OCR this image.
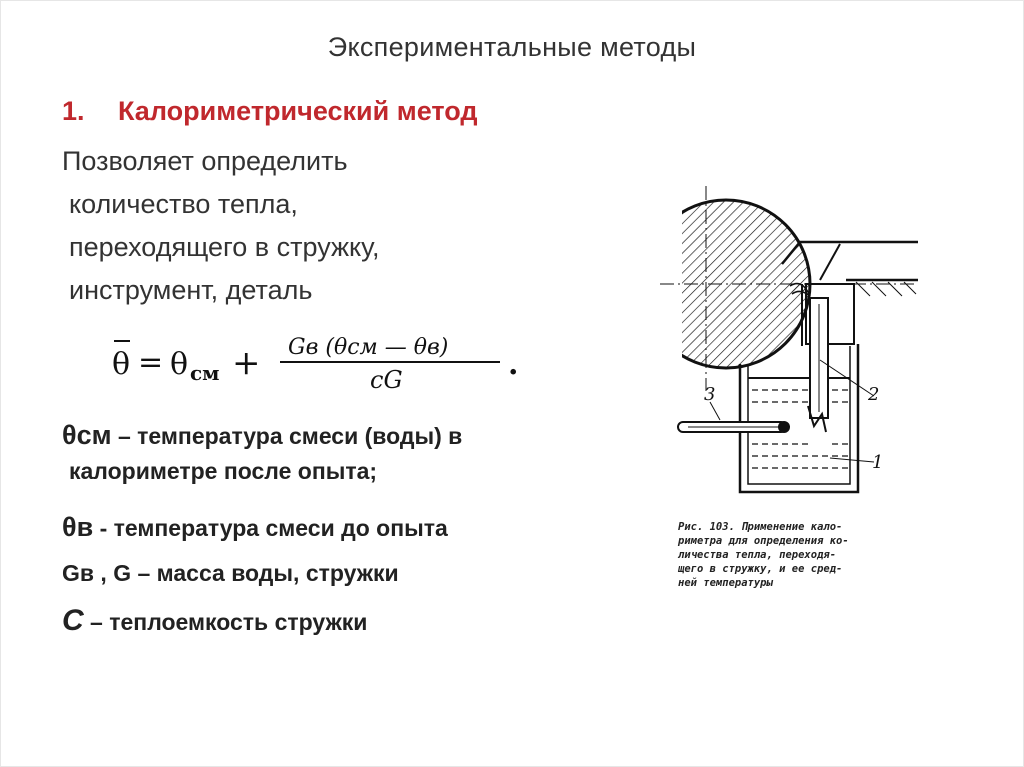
Экспериментальные методы
1. Калориметрический метод
Позволяет определить
количество тепла,
переходящего в стружку,
инструмент, деталь
θ = θ см + Gв (θсм — θв)
cG	.
θсм – температура смеси (воды) в
калориметре после опыта;
θв - температура смеси до опыта
Gв , G – масса воды, стружки
С – теплоемкость стружки
3	2
1
Рис. 103. Применение кало-
риметра для определения ко-
личества тепла, переходя-
щего в стружку, и ее сред-
ней температуры
